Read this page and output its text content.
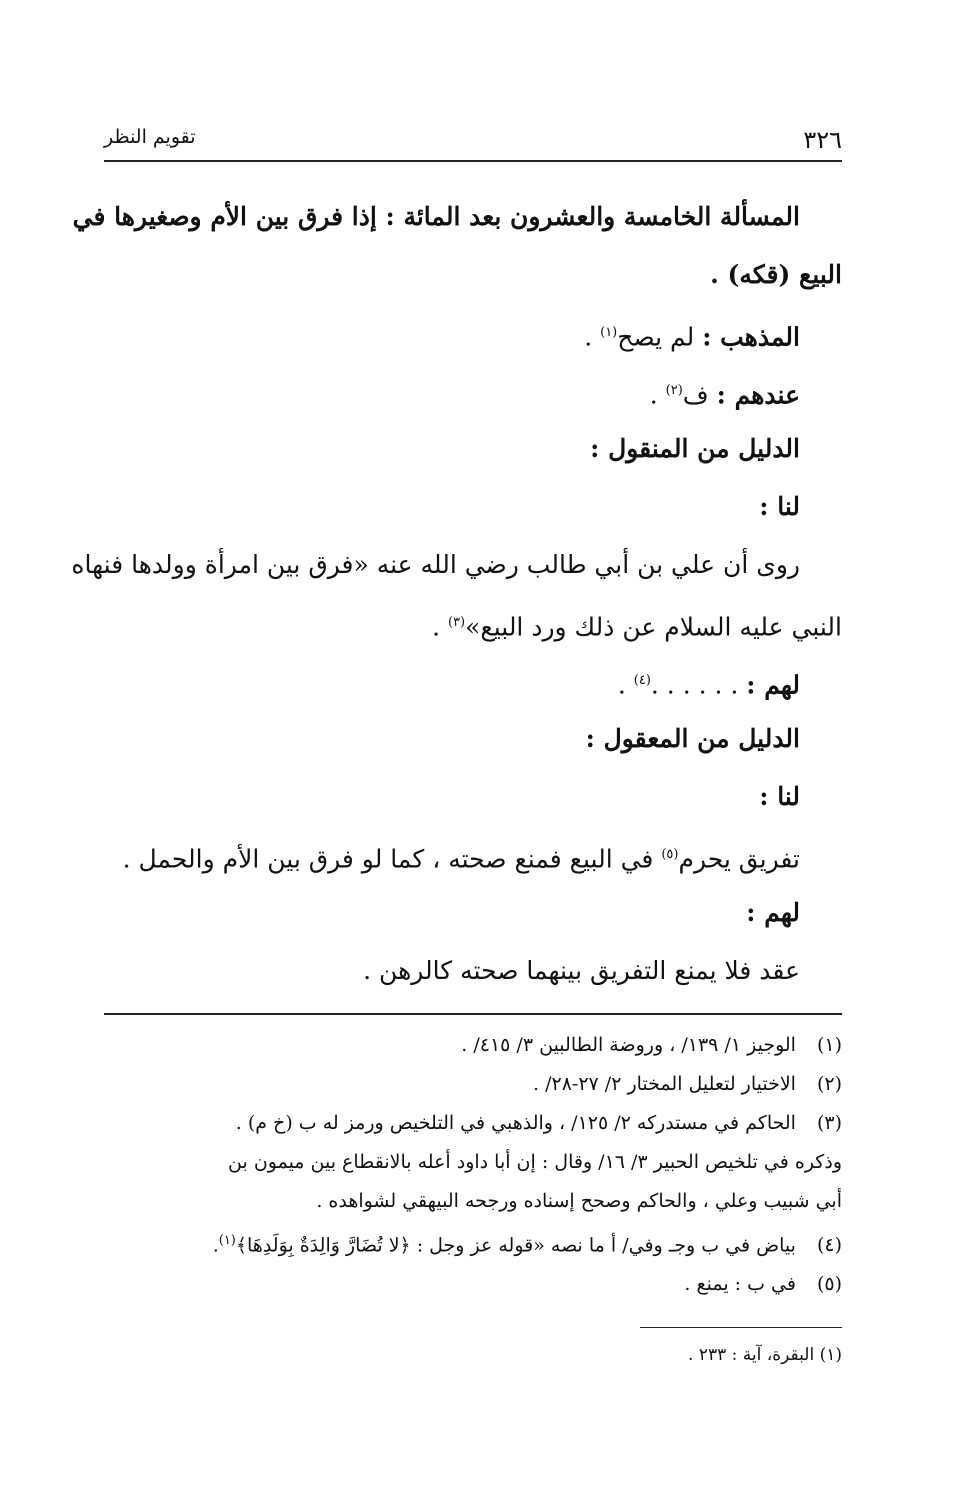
٣٢٦
تقويم النظر
المسألة الخامسة والعشرون بعد المائة : إذا فرق بين الأم وصغيرها في
البيع (قكه) .
المذهب : لم يصح$^{(١)}$ .
عندهم : ف$^{(٢)}$ .
الدليل من المنقول :
لنا :
روى أن علي بن أبي طالب رضي الله عنه «فرق بين امرأة وولدها فنهاه
النبي عليه السلام عن ذلك ورد البيع»$^{(٣)}$ .
لهم : . . . . . .$^{(٤)}$ .
الدليل من المعقول :
لنا :
تفريق يحرم$^{(٥)}$ في البيع فمنع صحته ، كما لو فرق بين الأم والحمل .
لهم :
عقد فلا يمنع التفريق بينهما صحته كالرهن .
(١) الوجيز ١/ ١٣٩/ ، وروضة الطالبين ٣/ ٤١٥/ .
(٢) الاختيار لتعليل المختار ٢/ ٢٧-٢٨/ .
(٣) الحاكم في مستدركه ٢/ ١٢٥/ ، والذهبي في التلخيص ورمز له ب (خ م) .
وذكره في تلخيص الحبير ٣/ ١٦/ وقال : إن أبا داود أعله بالانقطاع بين ميمون بن
أبي شبيب وعلي ، والحاكم وصحح إسناده ورجحه البيهقي لشواهده .
(٤) بياض في ب وجـ وفي/ أ ما نصه «قوله عز وجل : ﴿لا تُضَارَّ وَالِدَةٌ بِوَلَدِهَا﴾$^{(١)}$.
(٥) في ب : يمنع .
(١) البقرة، آية : ٢٣٣ .
